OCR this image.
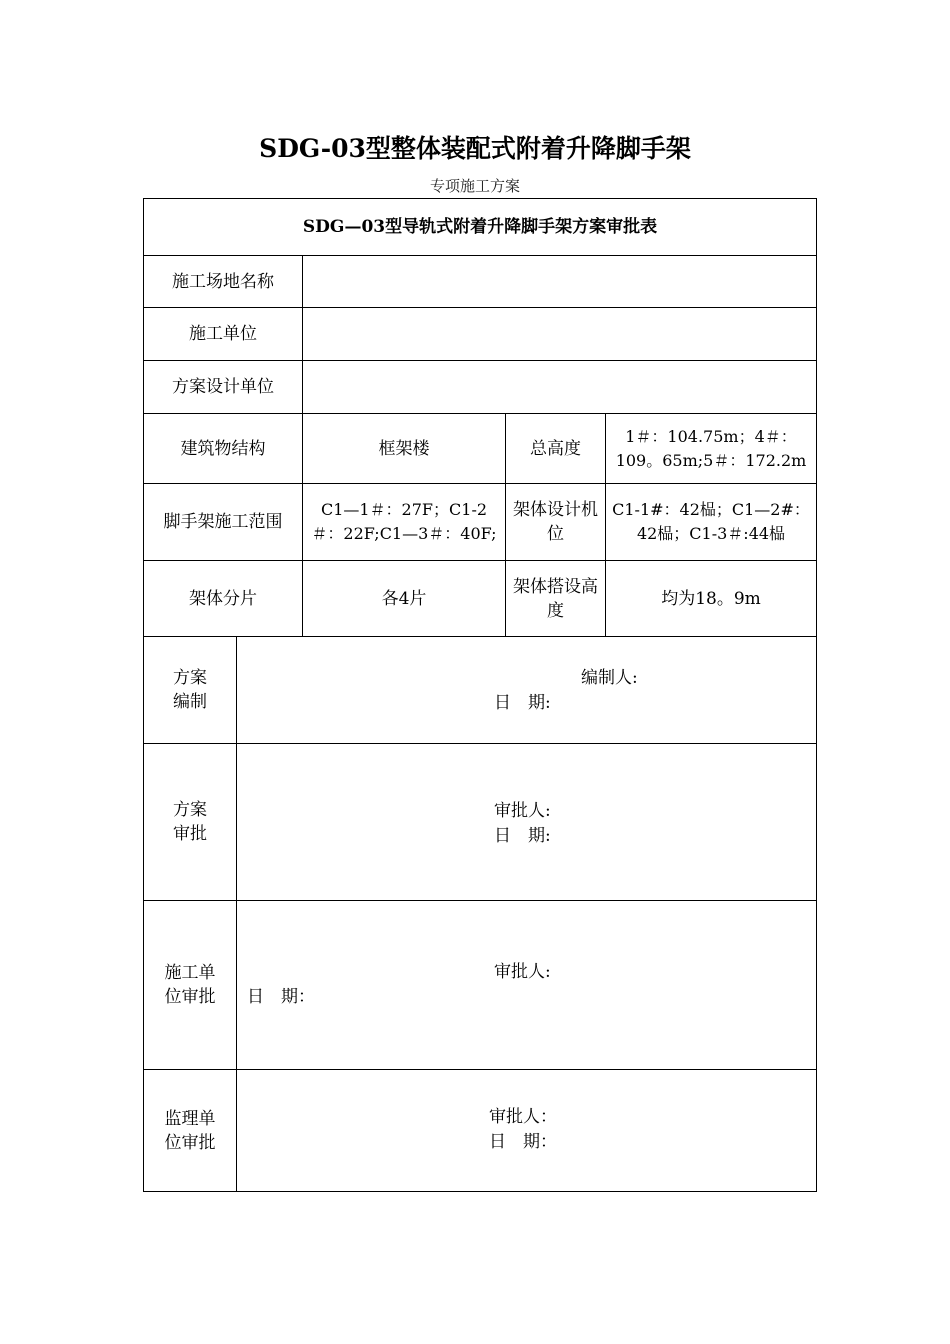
SDG-03型整体装配式附着升降脚手架
专项施工方案
SDG—03型导轨式附着升降脚手架方案审批表				
施工场地名称				
施工单位				
方案设计单位				
建筑物结构		框架楼	总高度	1＃：104.75m；4＃：109。65m;5＃：172.2m
脚手架施工范围		C1—1＃：27F；C1-2＃：22F;C1—3＃：40F;	架体设计机位	C1-1#：42榀；C1—2#：42榀；C1-3＃:44榀
架体分片		各4片	架体搭设高度	均为18。9m
方案编制	编制人:
日　期:			

方案审批	审批人:
日　期:			

施工单位审批	审批人:
日　期：			

监理单位审批	审批人：
日　期：			
